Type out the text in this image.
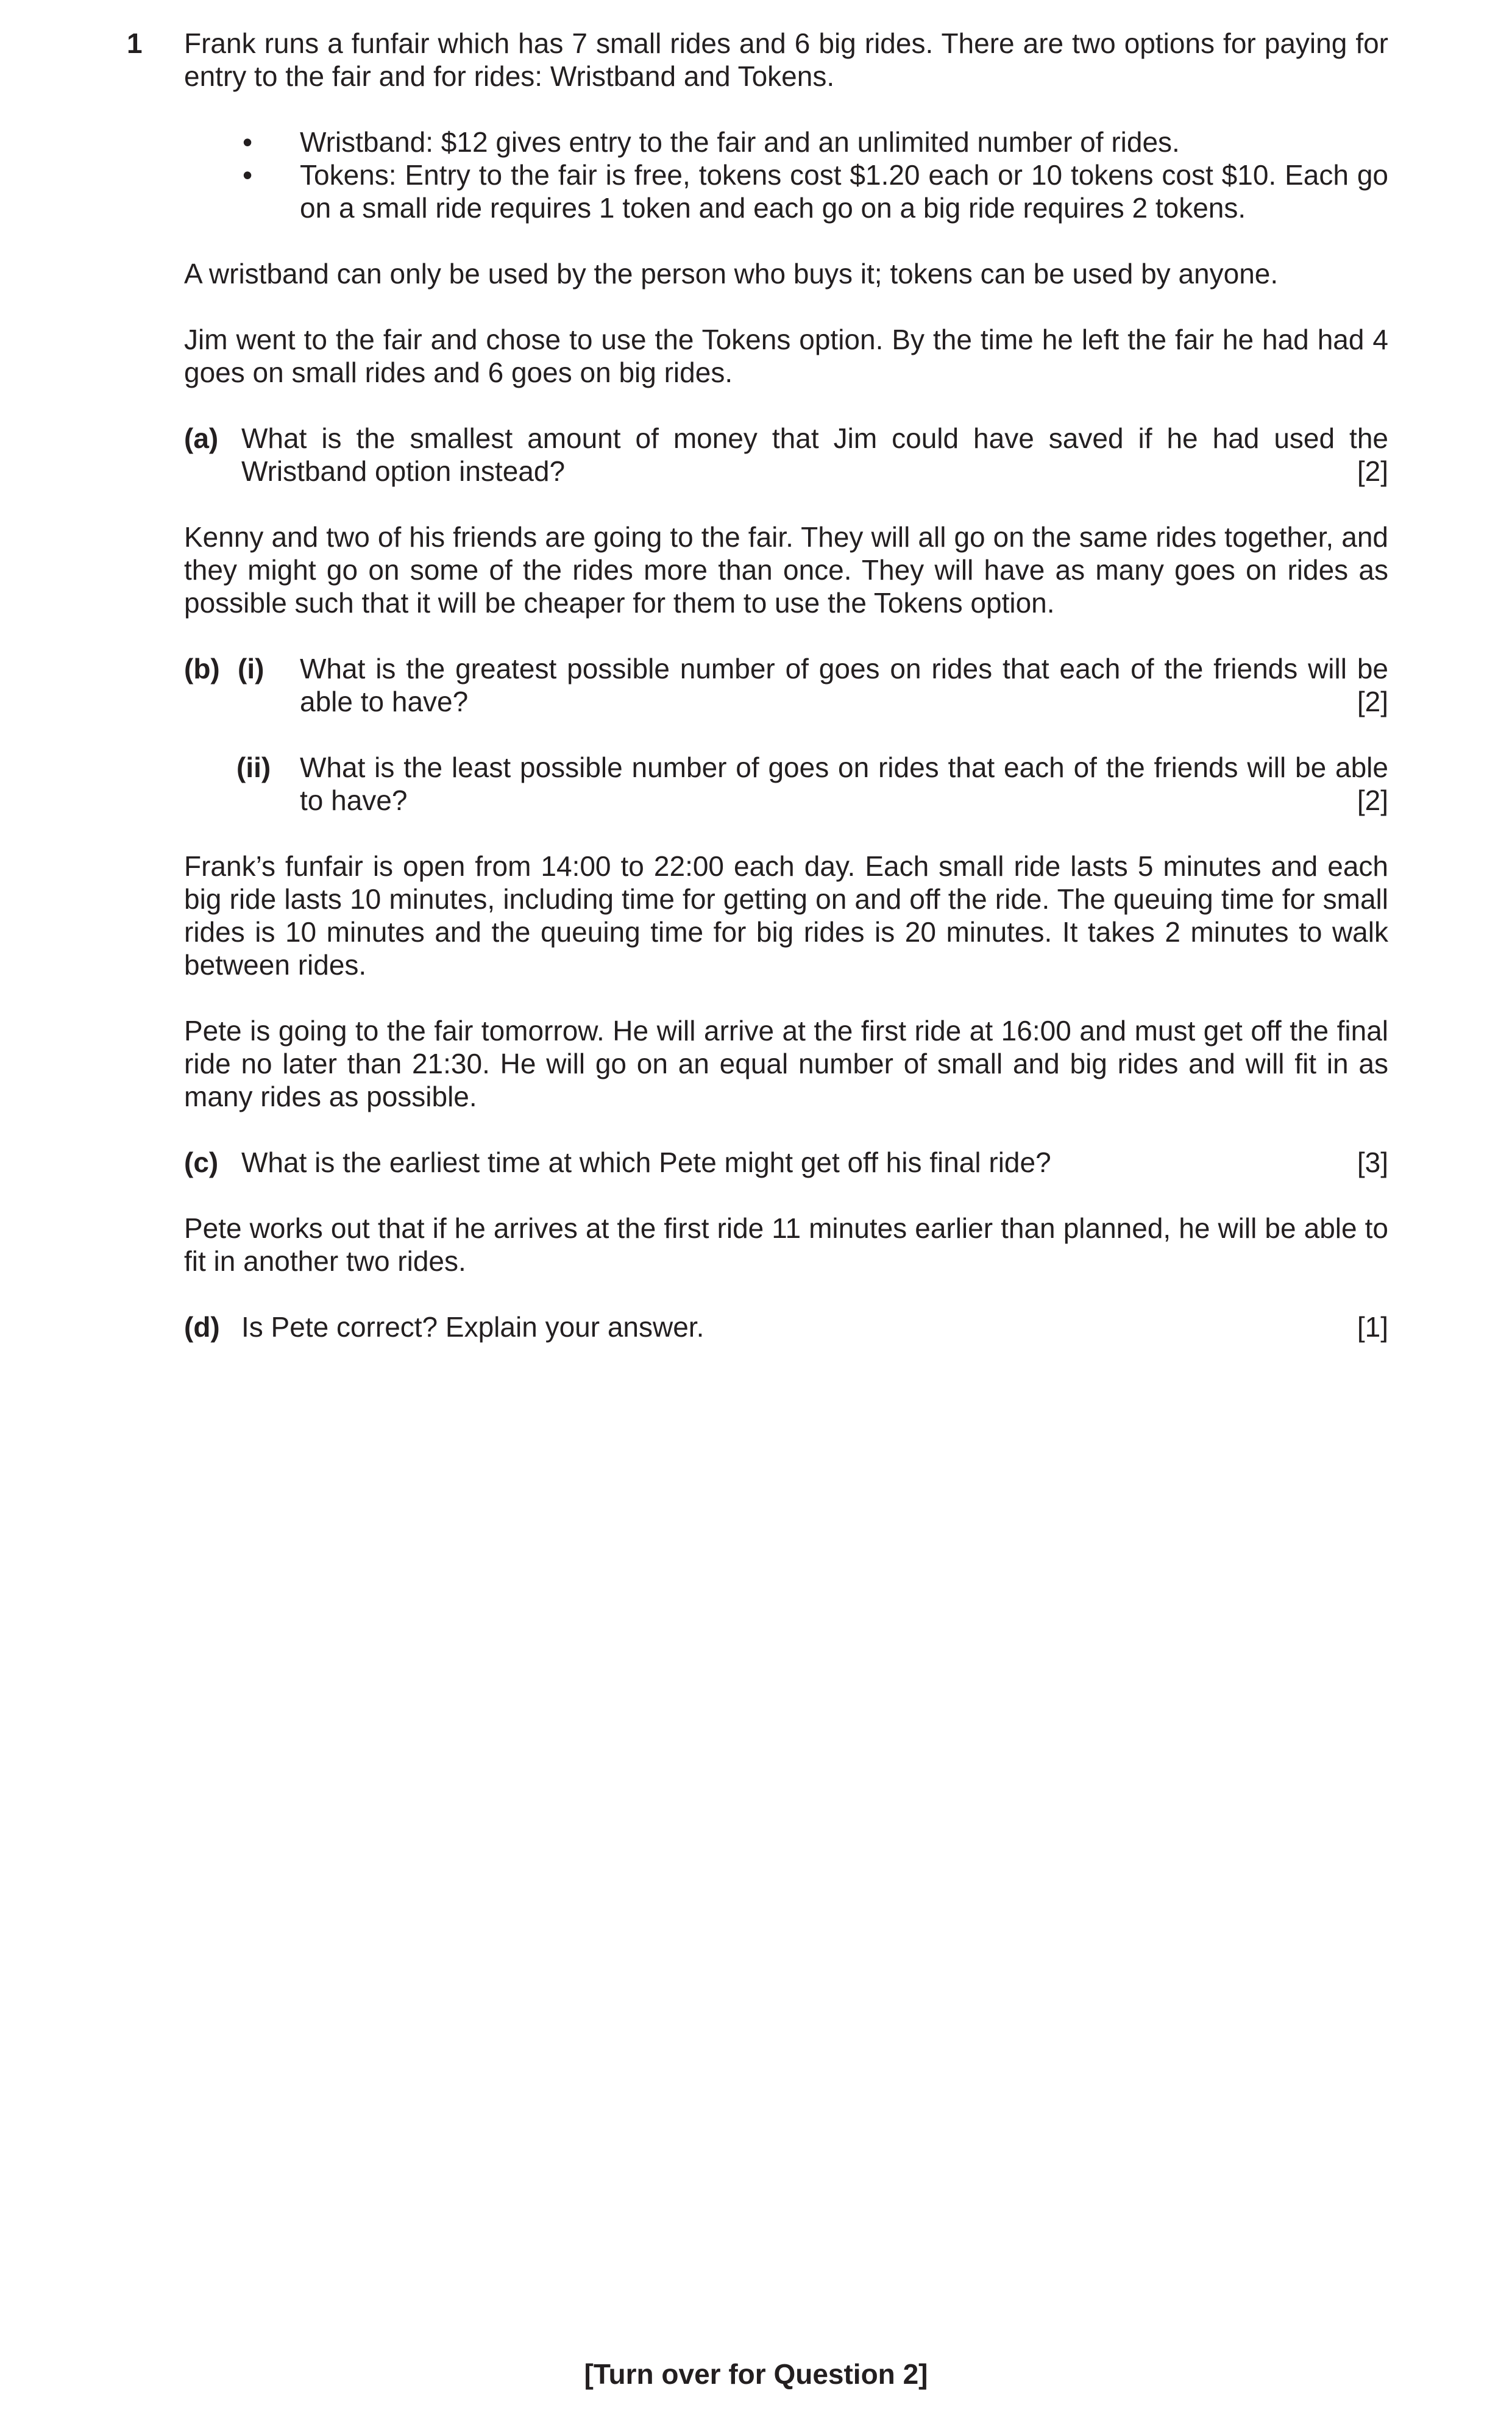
1 Frank runs a funfair which has 7 small rides and 6 big rides. There are two options for paying for entry to the fair and for rides: Wristband and Tokens.

• Wristband: $12 gives entry to the fair and an unlimited number of rides.
• Tokens: Entry to the fair is free, tokens cost $1.20 each or 10 tokens cost $10. Each go on a small ride requires 1 token and each go on a big ride requires 2 tokens.

A wristband can only be used by the person who buys it; tokens can be used by anyone.

Jim went to the fair and chose to use the Tokens option. By the time he left the fair he had had 4 goes on small rides and 6 goes on big rides.

(a) What is the smallest amount of money that Jim could have saved if he had used the Wristband option instead?	[2]

Kenny and two of his friends are going to the fair. They will all go on the same rides together, and they might go on some of the rides more than once. They will have as many goes on rides as possible such that it will be cheaper for them to use the Tokens option.

(b) (i)	What is the greatest possible number of goes on rides that each of the friends will be able to have?	[2]
(ii)	What is the least possible number of goes on rides that each of the friends will be able to have?	[2]

Frank’s funfair is open from 14:00 to 22:00 each day. Each small ride lasts 5 minutes and each big ride lasts 10 minutes, including time for getting on and off the ride. The queuing time for small rides is 10 minutes and the queuing time for big rides is 20 minutes. It takes 2 minutes to walk between rides.

Pete is going to the fair tomorrow. He will arrive at the first ride at 16:00 and must get off the final ride no later than 21:30. He will go on an equal number of small and big rides and will fit in as many rides as possible.

(c) What is the earliest time at which Pete might get off his final ride?	[3]

Pete works out that if he arrives at the first ride 11 minutes earlier than planned, he will be able to fit in another two rides.

(d) Is Pete correct? Explain your answer.	[1]
[Turn over for Question 2]
